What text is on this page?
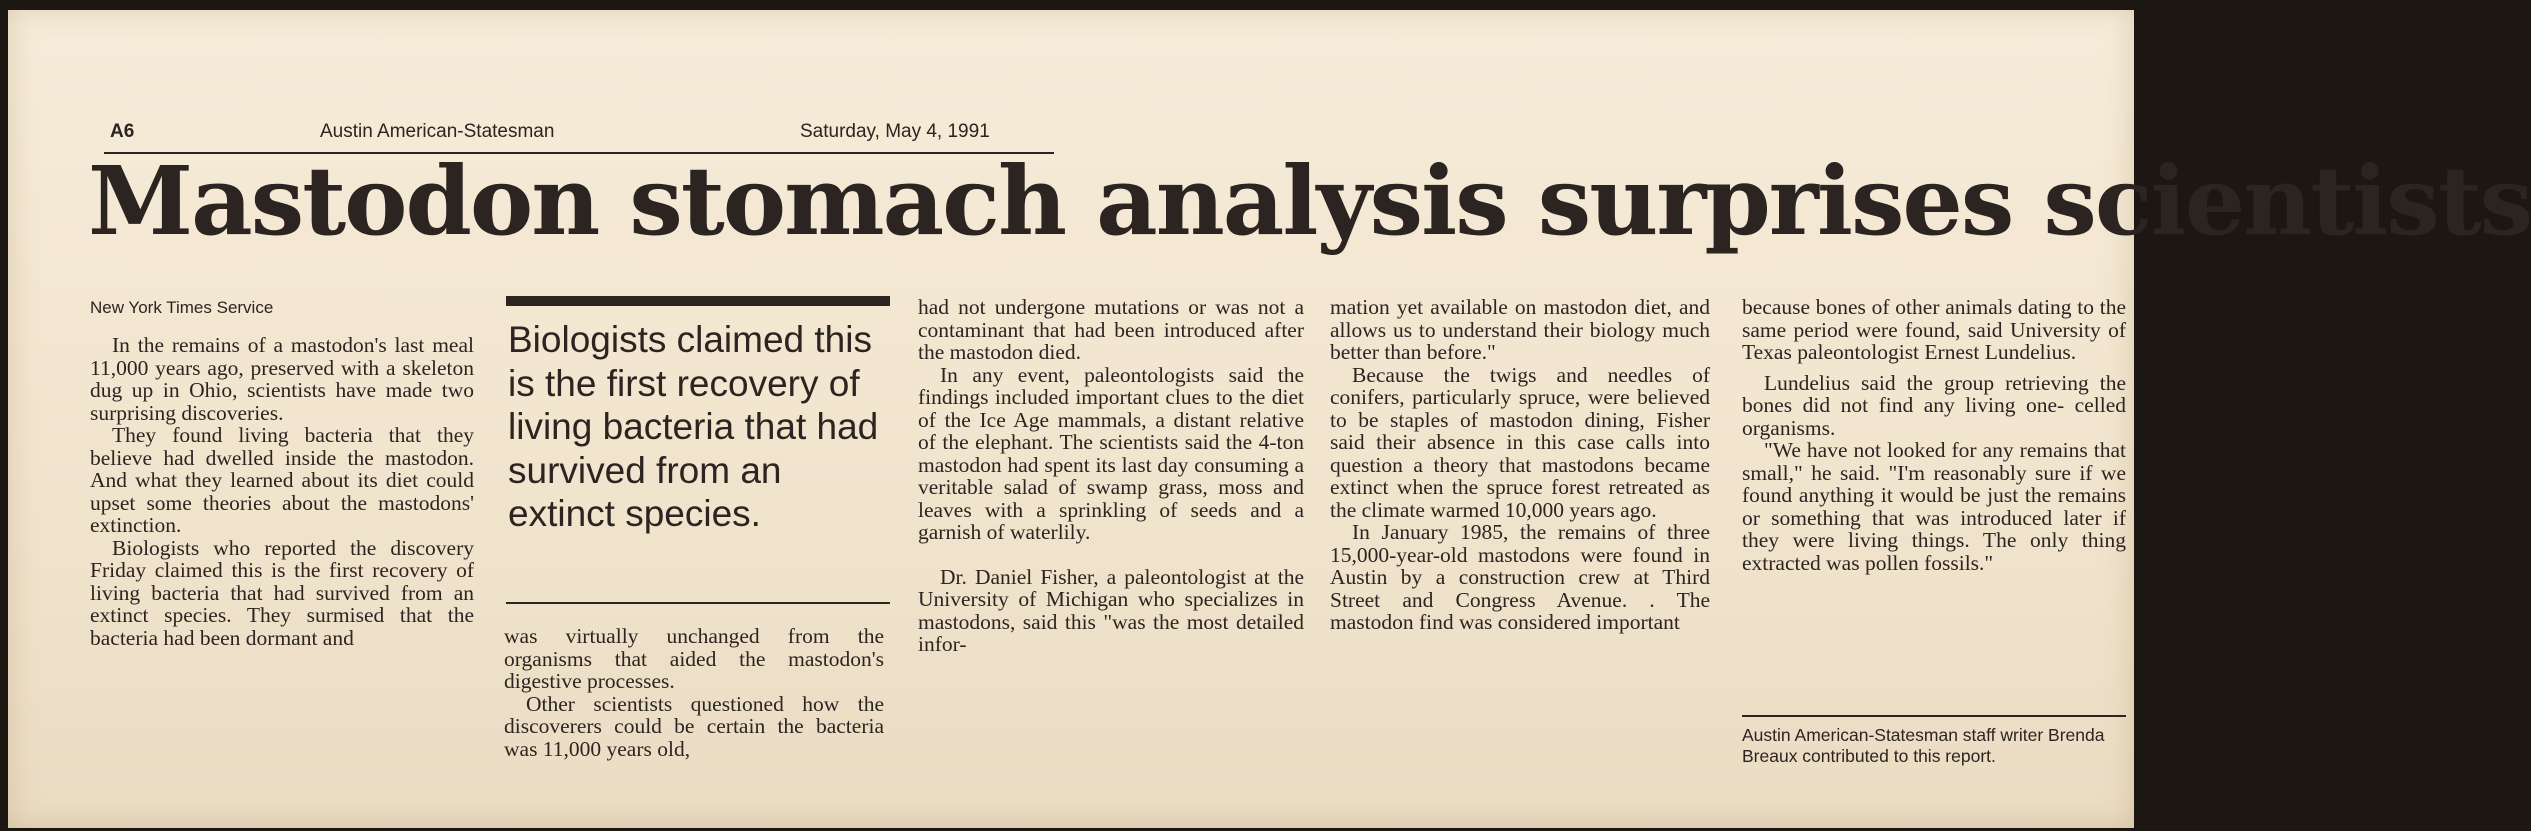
A6	Austin American-Statesman	Saturday, May 4, 1991
Mastodon stomach analysis surprises scientists
New York Times Service

In the remains of a mastodon's last meal 11,000 years ago, preserved with a skeleton dug up in Ohio, scientists have made two surprising discoveries.

They found living bacteria that they believe had dwelled inside the mastodon. And what they learned about its diet could upset some theories about the mastodons' extinction.

Biologists who reported the discovery Friday claimed this is the first recovery of living bacteria that had survived from an extinct species. They surmised that the bacteria had been dormant and

Biologists claimed this is the first recovery of living bacteria that had survived from an extinct species.

was virtually unchanged from the organisms that aided the mastodon's digestive processes.

Other scientists questioned how the discoverers could be certain the bacteria was 11,000 years old,

had not undergone mutations or was not a contaminant that had been introduced after the mastodon died.

In any event, paleontologists said the findings included important clues to the diet of the Ice Age mammals, a distant relative of the elephant. The scientists said the 4-ton mastodon had spent its last day consuming a veritable salad of swamp grass, moss and leaves with a sprinkling of seeds and a garnish of waterlily.

Dr. Daniel Fisher, a paleontologist at the University of Michigan who specializes in mastodons, said this "was the most detailed infor-

mation yet available on mastodon diet, and allows us to understand their biology much better than before."

Because the twigs and needles of conifers, particularly spruce, were believed to be staples of mastodon dining, Fisher said their absence in this case calls into question a theory that mastodons became extinct when the spruce forest retreated as the climate warmed 10,000 years ago.

In January 1985, the remains of three 15,000-year-old mastodons were found in Austin by a construction crew at Third Street and Congress Avenue. . The mastodon find was considered important

because bones of other animals dating to the same period were found, said University of Texas paleontologist Ernest Lundelius.

Lundelius said the group retrieving the bones did not find any living one- celled organisms.

"We have not looked for any remains that small," he said. "I'm reasonably sure if we found anything it would be just the remains or something that was introduced later if they were living things. The only thing extracted was pollen fossils."

Austin American-Statesman staff writer Brenda Breaux contributed to this report.
